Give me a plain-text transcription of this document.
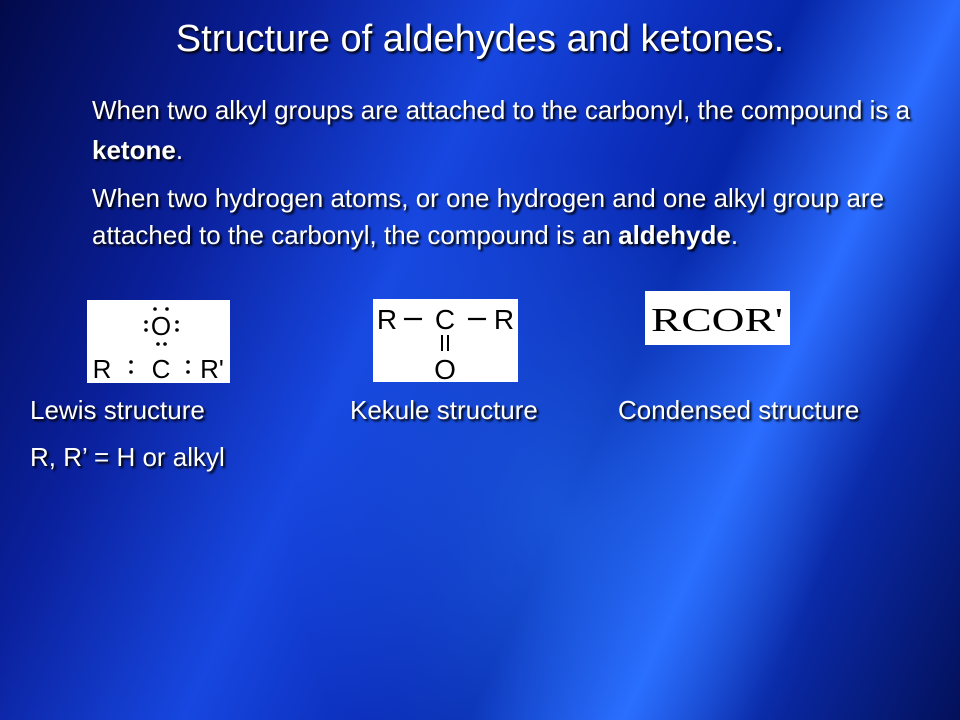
Structure of aldehydes and ketones.

When two alkyl groups are attached to the carbonyl, the compound is a ketone.

When two hydrogen atoms, or one hydrogen and one alkyl group are attached to the carbonyl, the compound is an aldehyde.

O
R C R'
R C R
O
RCOR'

Lewis structure	Kekule structure	Condensed structure

R, R’ = H or alkyl
